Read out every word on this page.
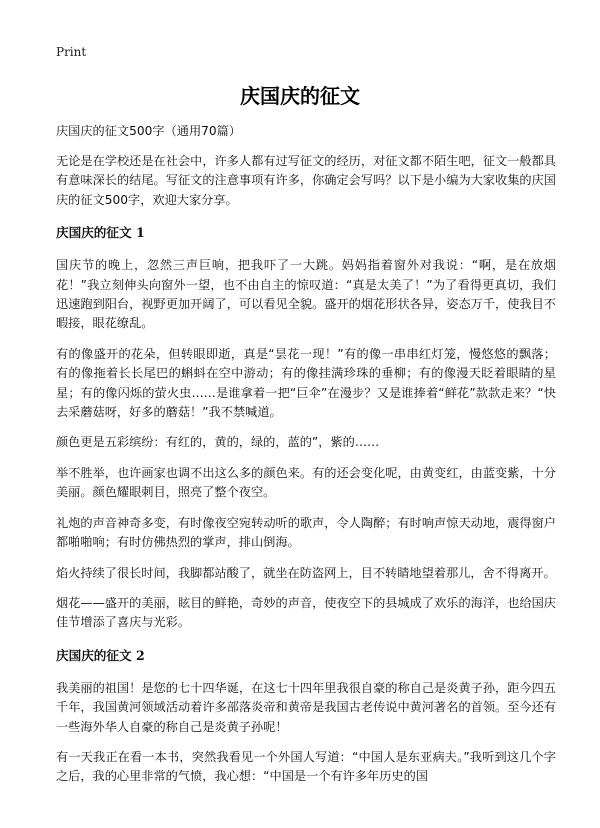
Print
庆国庆的征文

庆国庆的征文500字（通用70篇）

无论是在学校还是在社会中，许多人都有过写征文的经历，对征文都不陌生吧，征文一般都具有意味深长的结尾。写征文的注意事项有许多，你确定会写吗？以下是小编为大家收集的庆国庆的征文500字，欢迎大家分享。

庆国庆的征文 1

国庆节的晚上，忽然三声巨响，把我吓了一大跳。妈妈指着窗外对我说：“啊，是在放烟花！”我立刻伸头向窗外一望，也不由自主的惊叹道：“真是太美了！”为了看得更真切，我们迅速跑到阳台，视野更加开阔了，可以看见全貌。盛开的烟花形状各异，姿态万千，使我目不暇接，眼花缭乱。

有的像盛开的花朵，但转眼即逝，真是“昙花一现！”有的像一串串红灯笼，慢悠悠的飘落；有的像拖着长长尾巴的蝌蚪在空中游动；有的像挂满珍珠的垂柳；有的像漫天眨着眼睛的星星；有的像闪烁的萤火虫……是谁拿着一把“巨伞”在漫步？又是谁捧着“鲜花”款款走来？“快去采蘑菇呀，好多的蘑菇！”我不禁喊道。

颜色更是五彩缤纷：有红的，黄的，绿的，蓝的”，紫的……

举不胜举，也许画家也调不出这么多的颜色来。有的还会变化呢，由黄变红，由蓝变紫，十分美丽。颜色耀眼刺目，照亮了整个夜空。

礼炮的声音神奇多变，有时像夜空宛转动听的歌声，令人陶醉；有时响声惊天动地，震得窗户都啪啪响；有时仿佛热烈的掌声，排山倒海。

焰火持续了很长时间，我脚都站酸了，就坐在防盗网上，目不转睛地望着那儿，舍不得离开。

烟花——盛开的美丽，眩目的鲜艳，奇妙的声音，使夜空下的县城成了欢乐的海洋，也给国庆佳节增添了喜庆与光彩。

庆国庆的征文 2

我美丽的祖国！是您的七十四华诞，在这七十四年里我很自豪的称自己是炎黄子孙，距今四五千年，我国黄河领域活动着许多部落炎帝和黄帝是我国古老传说中黄河著名的首领。至今还有一些海外华人自豪的称自己是炎黄子孙呢！

有一天我正在看一本书，突然我看见一个外国人写道：“中国人是东亚病夫。”我听到这几个字之后，我的心里非常的气愤，我心想：“中国是一个有许多年历史的国
